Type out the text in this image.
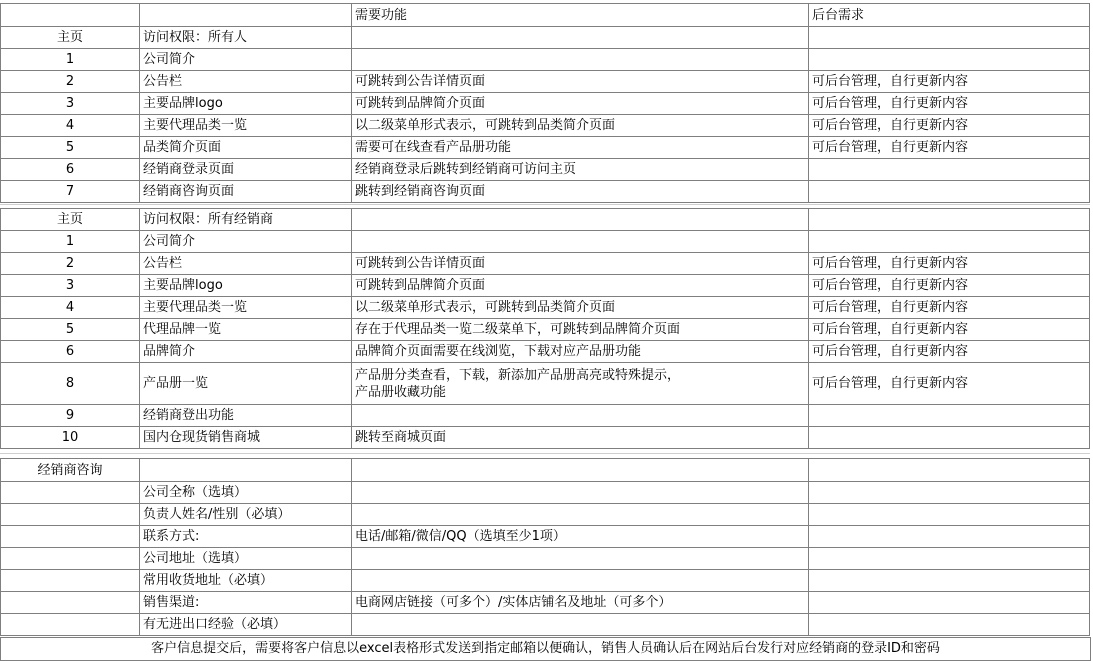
		需要功能	后台需求
主页	访问权限：所有人		
1	公司简介		
2	公告栏	可跳转到公告详情页面	可后台管理，自行更新内容
3	主要品牌logo	可跳转到品牌简介页面	可后台管理，自行更新内容
4	主要代理品类一览	以二级菜单形式表示，可跳转到品类简介页面	可后台管理，自行更新内容
5	品类简介页面	需要可在线查看产品册功能	可后台管理，自行更新内容
6	经销商登录页面	经销商登录后跳转到经销商可访问主页	
7	经销商咨询页面	跳转到经销商咨询页面	
主页	访问权限：所有经销商		
1	公司简介		
2	公告栏	可跳转到公告详情页面	可后台管理，自行更新内容
3	主要品牌logo	可跳转到品牌简介页面	可后台管理，自行更新内容
4	主要代理品类一览	以二级菜单形式表示，可跳转到品类简介页面	可后台管理，自行更新内容
5	代理品牌一览	存在于代理品类一览二级菜单下，可跳转到品牌简介页面	可后台管理，自行更新内容
6	品牌简介	品牌简介页面需要在线浏览，下载对应产品册功能	可后台管理，自行更新内容
8	产品册一览	产品册分类查看，下载，新添加产品册高亮或特殊提示，
产品册收藏功能	可后台管理，自行更新内容
9	经销商登出功能		
10	国内仓现货销售商城	跳转至商城页面	
经销商咨询			
	公司全称（选填）		
	负责人姓名/性别（必填）		
	联系方式:	电话/邮箱/微信/QQ（选填至少1项）	
	公司地址（选填）		
	常用收货地址（必填）		
	销售渠道:	电商网店链接（可多个）/实体店铺名及地址（可多个）	
	有无进出口经验（必填）		
客户信息提交后，需要将客户信息以excel表格形式发送到指定邮箱以便确认，销售人员确认后在网站后台发行对应经销商的登录ID和密码
